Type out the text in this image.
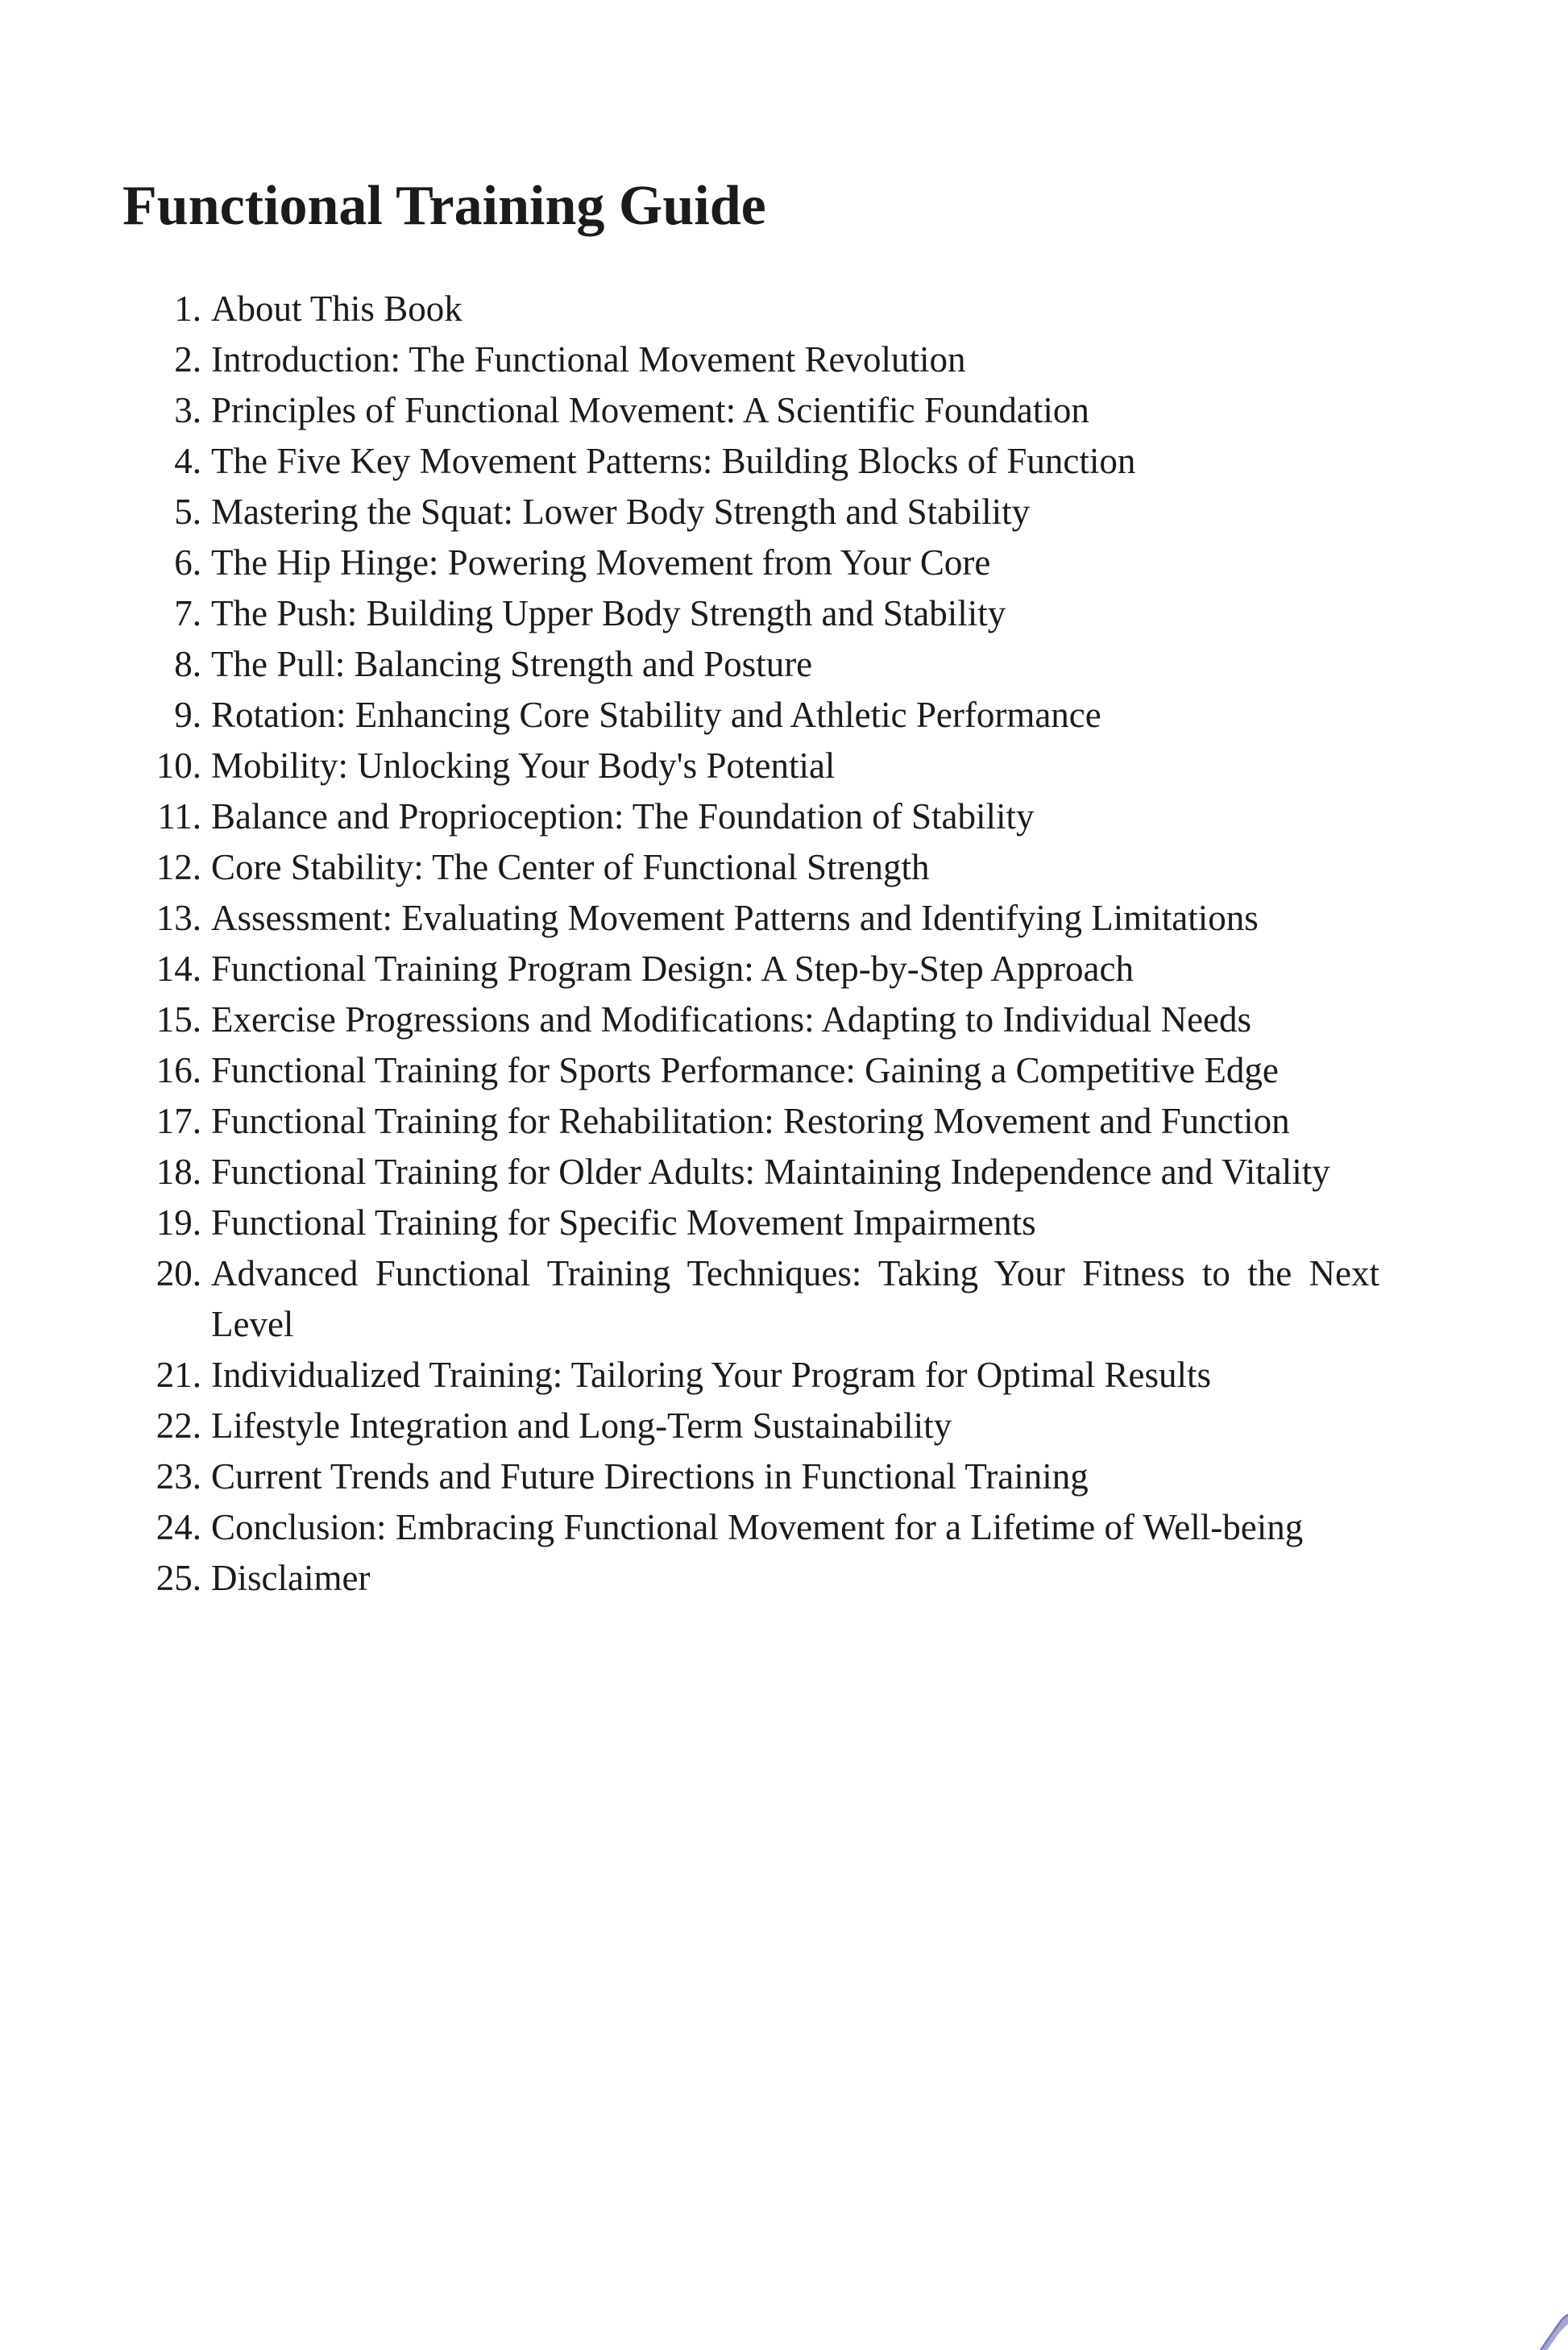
Functional Training Guide
1. About This Book
2. Introduction: The Functional Movement Revolution
3. Principles of Functional Movement: A Scientific Foundation
4. The Five Key Movement Patterns: Building Blocks of Function
5. Mastering the Squat: Lower Body Strength and Stability
6. The Hip Hinge: Powering Movement from Your Core
7. The Push: Building Upper Body Strength and Stability
8. The Pull: Balancing Strength and Posture
9. Rotation: Enhancing Core Stability and Athletic Performance
10. Mobility: Unlocking Your Body's Potential
11. Balance and Proprioception: The Foundation of Stability
12. Core Stability: The Center of Functional Strength
13. Assessment: Evaluating Movement Patterns and Identifying Limitations
14. Functional Training Program Design: A Step-by-Step Approach
15. Exercise Progressions and Modifications: Adapting to Individual Needs
16. Functional Training for Sports Performance: Gaining a Competitive Edge
17. Functional Training for Rehabilitation: Restoring Movement and Function
18. Functional Training for Older Adults: Maintaining Independence and Vitality
19. Functional Training for Specific Movement Impairments
20. Advanced Functional Training Techniques: Taking Your Fitness to the Next Level
21. Individualized Training: Tailoring Your Program for Optimal Results
22. Lifestyle Integration and Long-Term Sustainability
23. Current Trends and Future Directions in Functional Training
24. Conclusion: Embracing Functional Movement for a Lifetime of Well-being
25. Disclaimer
